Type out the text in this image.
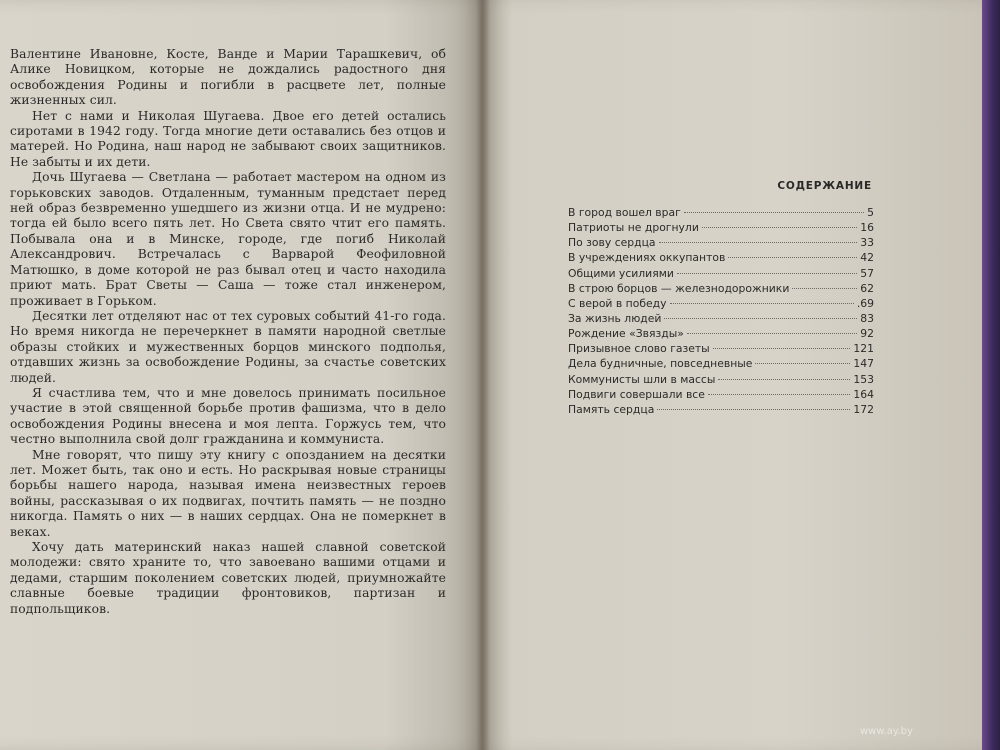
Валентине Ивановне, Косте, Ванде и Марии Тарашкевич, об Алике Новицком, которые не дождались радостного дня освобождения Родины и погибли в расцвете лет, полные жизненных сил.

Нет с нами и Николая Шугаева. Двое его детей остались сиротами в 1942 году. Тогда многие дети оставались без отцов и матерей. Но Родина, наш народ не забывают своих защитников. Не забыты и их дети.

Дочь Шугаева — Светлана — работает мастером на одном из горьковских заводов. Отдаленным, туманным предстает перед ней образ безвременно ушедшего из жизни отца. И не мудрено: тогда ей было всего пять лет. Но Света свято чтит его память. Побывала она и в Минске, городе, где погиб Николай Александрович. Встречалась с Варварой Феофиловной Матюшко, в доме которой не раз бывал отец и часто находила приют мать. Брат Светы — Саша — тоже стал инженером, проживает в Горьком.

Десятки лет отделяют нас от тех суровых событий 41-го года. Но время никогда не перечеркнет в памяти народной светлые образы стойких и мужественных борцов минского подполья, отдавших жизнь за освобождение Родины, за счастье советских людей.

Я счастлива тем, что и мне довелось принимать посильное участие в этой священной борьбе против фашизма, что в дело освобождения Родины внесена и моя лепта. Горжусь тем, что честно выполнила свой долг гражданина и коммуниста.

Мне говорят, что пишу эту книгу с опозданием на десятки лет. Может быть, так оно и есть. Но раскрывая новые страницы борьбы нашего народа, называя имена неизвестных героев войны, рассказывая о их подвигах, почтить память — не поздно никогда. Память о них — в наших сердцах. Она не померкнет в веках.

Хочу дать материнский наказ нашей славной советской молодежи: свято храните то, что завоевано вашими отцами и дедами, старшим поколением советских людей, приумножайте славные боевые традиции фронтовиков, партизан и подпольщиков.

СОДЕРЖАНИЕ
В город вошел враг	5
Патриоты не дрогнули	16
По зову сердца	33
В учреждениях оккупантов	42
Общими усилиями	57
В строю борцов — железнодорожники	62
С верой в победу	.69
За жизнь людей	83
Рождение «Звязды»	92
Призывное слово газеты	121
Дела будничные, повседневные	147
Коммунисты шли в массы	153
Подвиги совершали все	164
Память сердца	172
www.ay.by
